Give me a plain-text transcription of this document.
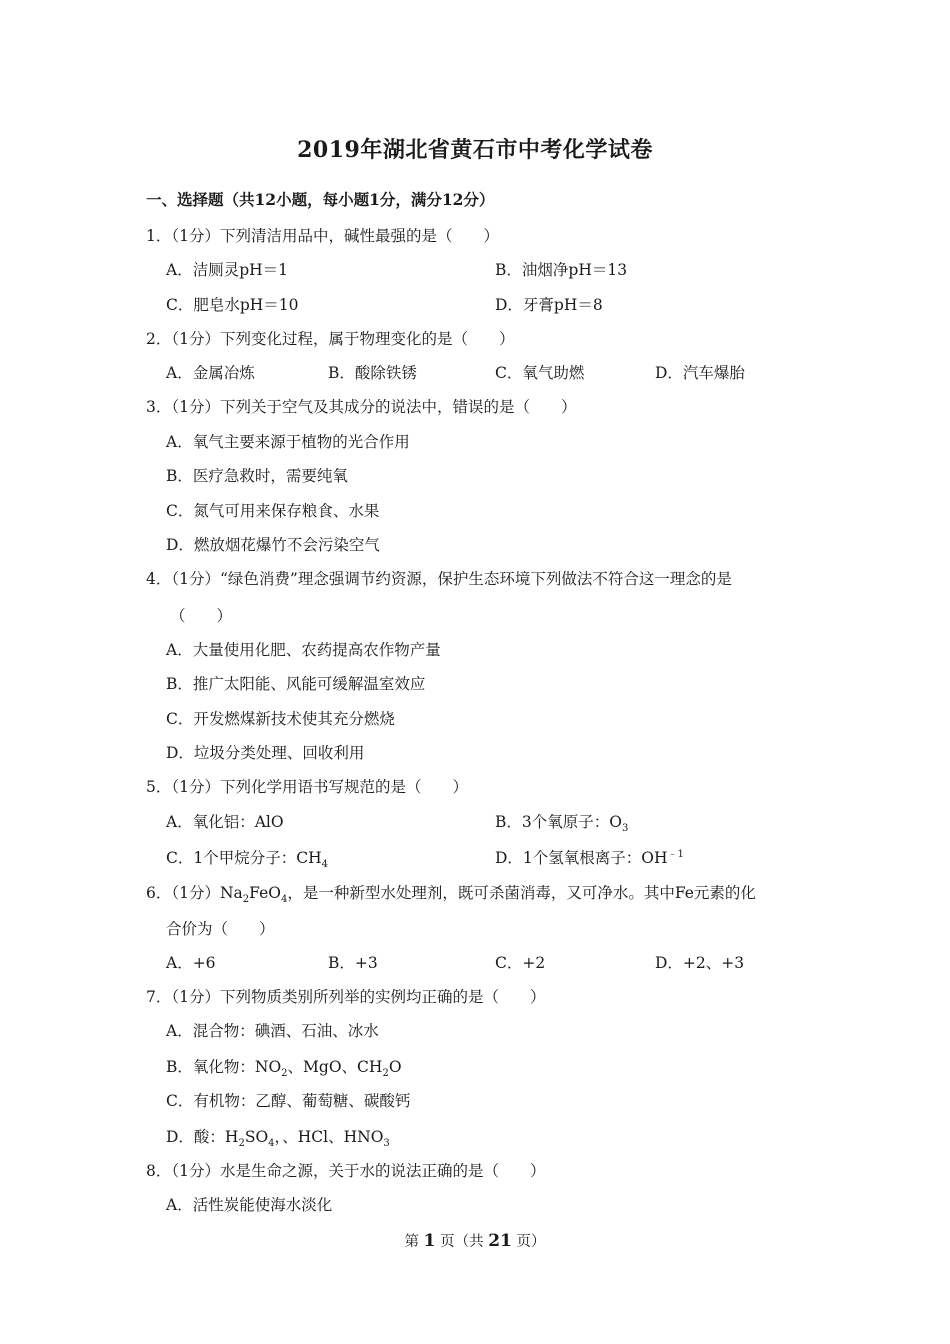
2019年湖北省黄石市中考化学试卷
一、选择题（共12小题，每小题1分，满分12分）
1．（1分）下列清洁用品中，碱性最强的是（　　）
A．洁厕灵pH＝1	B．油烟净pH＝13
C．肥皂水pH＝10	D．牙膏pH＝8
2．（1分）下列变化过程，属于物理变化的是（　　）
A．金属冶炼	B．酸除铁锈	C．氧气助燃	D．汽车爆胎
3．（1分）下列关于空气及其成分的说法中，错误的是（　　）
A．氧气主要来源于植物的光合作用
B．医疗急救时，需要纯氧
C．氮气可用来保存粮食、水果
D．燃放烟花爆竹不会污染空气
4．（1分）“绿色消费”理念强调节约资源，保护生态环境下列做法不符合这一理念的是
（　　）
A．大量使用化肥、农药提高农作物产量
B．推广太阳能、风能可缓解温室效应
C．开发燃煤新技术使其充分燃烧
D．垃圾分类处理、回收利用
5．（1分）下列化学用语书写规范的是（　　）
A．氧化铝：AlO	B．3个氧原子：$O_3$
C．1个甲烷分子：$CH_4$	D．1个氢氧根离子：$OH^{﹣1}$
6．（1分）$Na_2FeO_4$，是一种新型水处理剂，既可杀菌消毒，又可净水。其中Fe元素的化
合价为（　　）
A．+6	B．+3	C．+2	D．+2、+3
7．（1分）下列物质类别所列举的实例均正确的是（　　）
A．混合物：碘酒、石油、冰水
B．氧化物：$NO_2$、MgO、$CH_2O$
C．有机物：乙醇、葡萄糖、碳酸钙
D．酸：$H_2SO_4$，、HCl、$HNO_3$
8．（1分）水是生命之源，关于水的说法正确的是（　　）
A．活性炭能使海水淡化
第 1 页（共 21 页）
